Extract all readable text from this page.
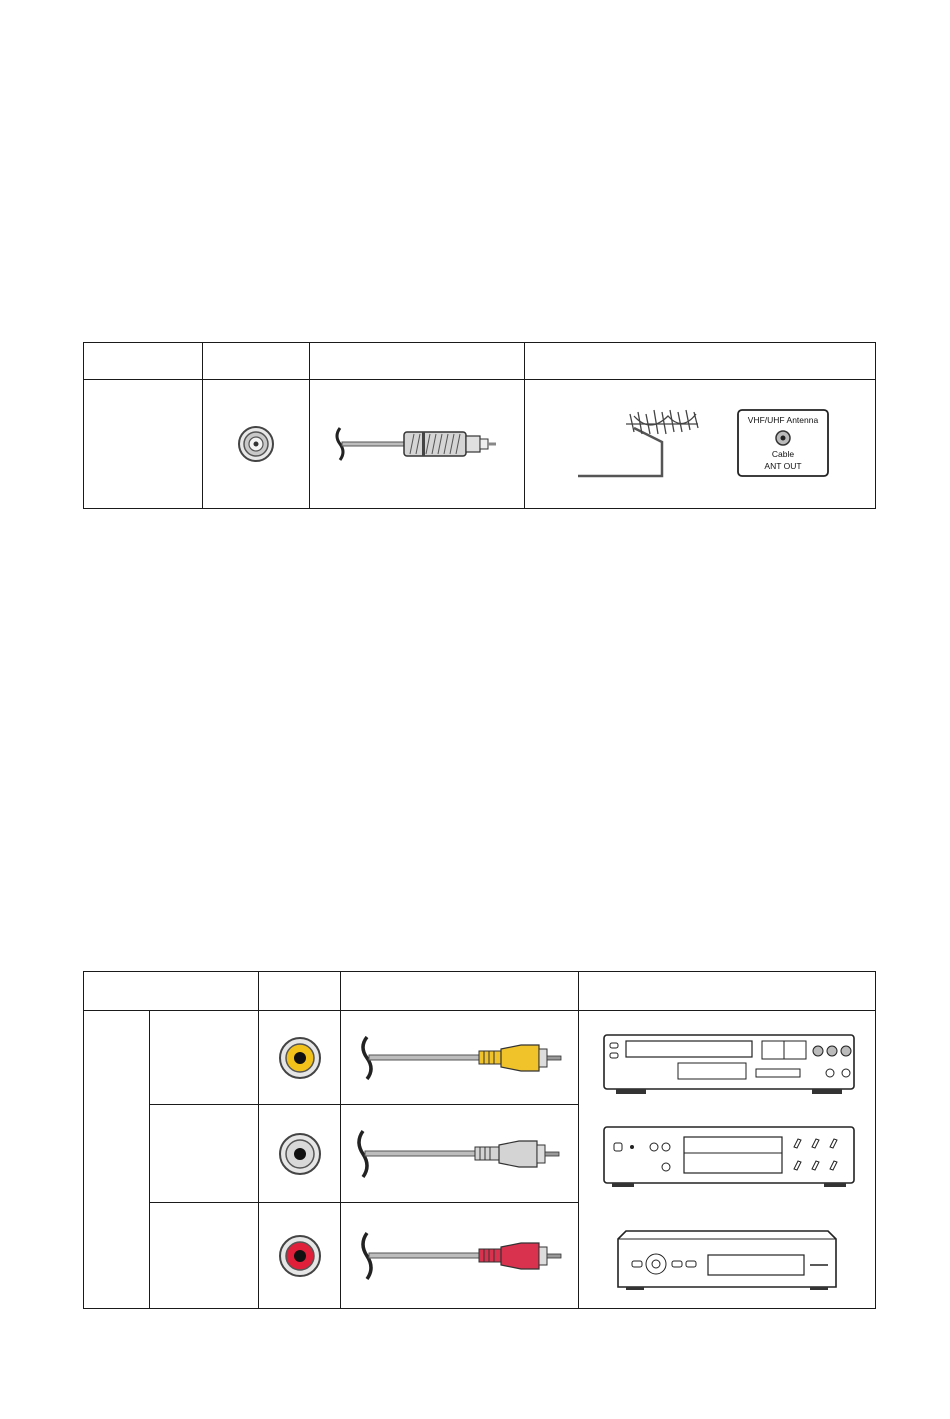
VHF/UHF Antenna
Cable
ANT OUT
